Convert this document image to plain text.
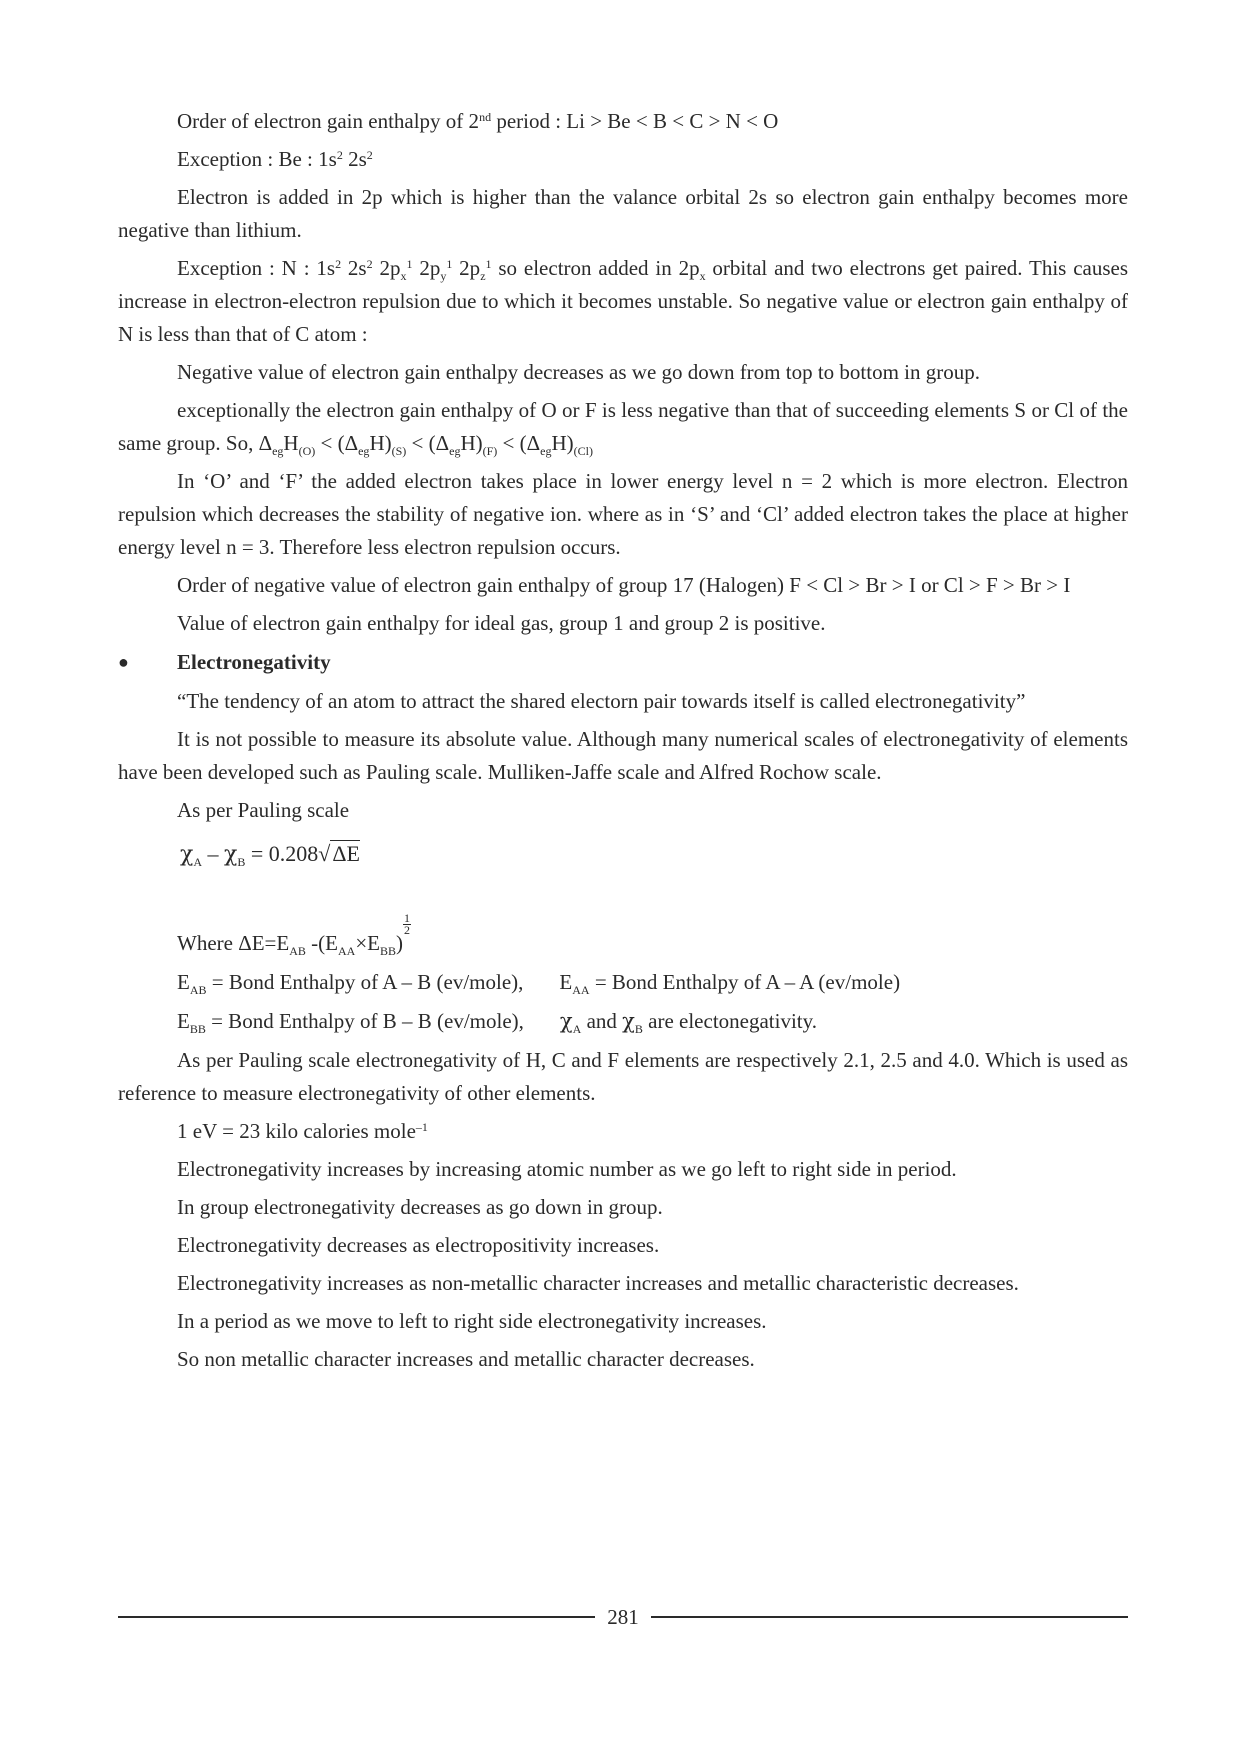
Order of electron gain enthalpy of 2nd period : Li > Be < B < C > N < O

Exception : Be : $1s^2$ $2s^2$

Electron is added in 2p which is higher than the valance orbital 2s so electron gain enthalpy becomes more negative than lithium.

Exception : N : $1s^2$ $2s^2$ $2p_x^1$ $2p_y^1$ $2p_z^1$ so electron added in $2p_x$ orbital and two electrons get paired. This causes increase in electron-electron repulsion due to which it becomes unstable. So negative value or electron gain enthalpy of N is less than that of C atom :

Negative value of electron gain enthalpy decreases as we go down from top to bottom in group.

exceptionally the electron gain enthalpy of O or F is less negative than that of succeeding elements S or Cl of the same group. So, $\Delta_{eg}H_{(O)} < (\Delta_{eg}H)_{(S)} < (\Delta_{eg}H)_{(F)} < (\Delta_{eg}H)_{(Cl)}$

In ‘O’ and ‘F’ the added electron takes place in lower energy level n = 2 which is more electron. Electron repulsion which decreases the stability of negative ion. where as in ‘S’ and ‘Cl’ added electron takes the place at higher energy level n = 3. Therefore less electron repulsion occurs.

Order of negative value of electron gain enthalpy of group 17 (Halogen) F < Cl > Br > I or Cl > F > Br > I

Value of electron gain enthalpy for ideal gas, group 1 and group 2 is positive.

●	Electronegativity

“The tendency of an atom to attract the shared electorn pair towards itself is called electronegativity”

It is not possible to measure its absolute value. Although many numerical scales of electronegativity of elements have been developed such as Pauling scale. Mulliken-Jaffe scale and Alfred Rochow scale.

As per Pauling scale

$\chi_A - \chi_B = 0.208√\Delta E$
Where $\Delta E=E_{AB}$ $-(E_{AA}\times E_{BB})$
$\frac{1}{2}$
$E_{AB}$ = Bond Enthalpy of A – B (ev/mole), $E_{AA}$ = Bond Enthalpy of A – A (ev/mole)
$E_{BB}$ = Bond Enthalpy of B – B (ev/mole), $\chi_A$ and $\chi_B$ are electonegativity.

As per Pauling scale electronegativity of H, C and F elements are respectively 2.1, 2.5 and 4.0. Which is used as reference to measure electronegativity of other elements.

1 eV = 23 kilo calories mole$^{-1}$

Electronegativity increases by increasing atomic number as we go left to right side in period.

In group electronegativity decreases as go down in group.

Electronegativity decreases as electropositivity increases.

Electronegativity increases as non-metallic character increases and metallic characteristic decreases.

In a period as we move to left to right side electronegativity increases.

So non metallic character increases and metallic character decreases.

281
